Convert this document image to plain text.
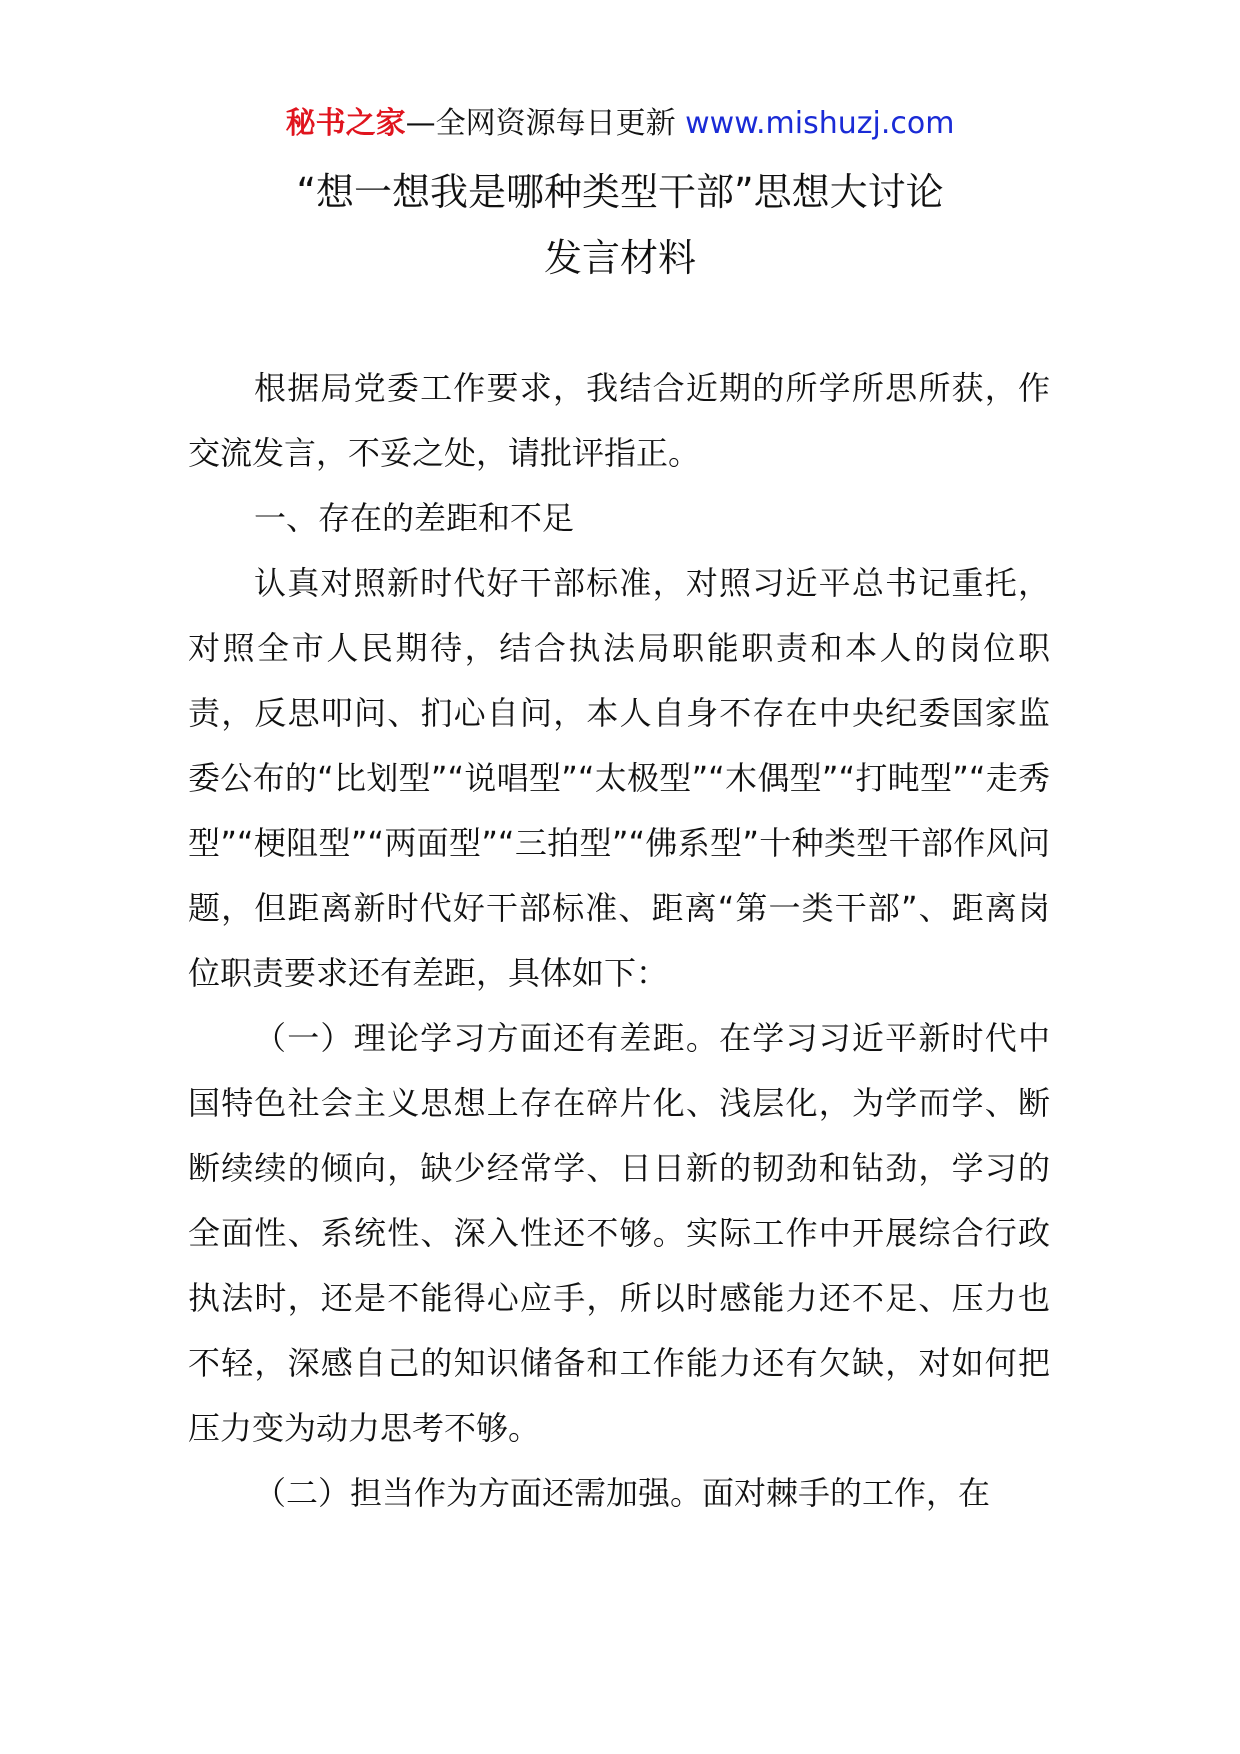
秘书之家—全网资源每日更新 www.mishuzj.com
“想一想我是哪种类型干部”思想大讨论
发言材料

根据局党委工作要求，我结合近期的所学所思所获，作交流发言，不妥之处，请批评指正。

一、存在的差距和不足

认真对照新时代好干部标准，对照习近平总书记重托，对照全市人民期待，结合执法局职能职责和本人的岗位职责，反思叩问、扪心自问，本人自身不存在中央纪委国家监委公布的“比划型”“说唱型”“太极型”“木偶型”“打盹型”“走秀型”“梗阻型”“两面型”“三拍型”“佛系型”十种类型干部作风问题，但距离新时代好干部标准、距离“第一类干部”、距离岗位职责要求还有差距，具体如下：

（一）理论学习方面还有差距。在学习习近平新时代中国特色社会主义思想上存在碎片化、浅层化，为学而学、断断续续的倾向，缺少经常学、日日新的韧劲和钻劲，学习的全面性、系统性、深入性还不够。实际工作中开展综合行政执法时，还是不能得心应手，所以时感能力还不足、压力也不轻，深感自己的知识储备和工作能力还有欠缺，对如何把压力变为动力思考不够。

（二）担当作为方面还需加强。面对棘手的工作，在
